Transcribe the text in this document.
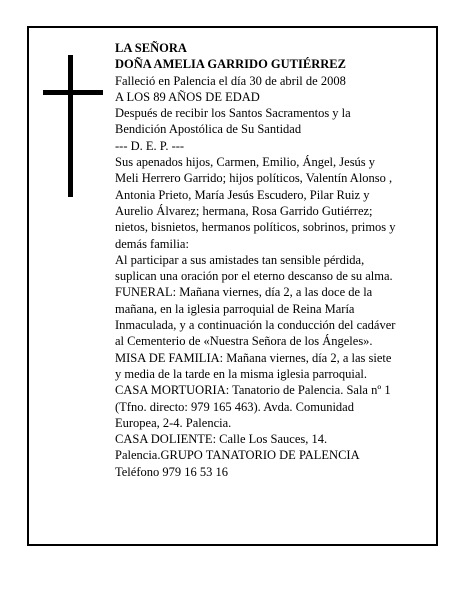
LA SEÑORA
DOÑA AMELIA GARRIDO GUTIÉRREZ
Falleció en Palencia el día 30 de abril de 2008
A LOS 89 AÑOS DE EDAD
Después de recibir los Santos Sacramentos y la
Bendición Apostólica de Su Santidad
--- D. E. P. ---
Sus apenados hijos, Carmen, Emilio, Ángel, Jesús y
Meli Herrero Garrido; hijos políticos, Valentín Alonso ,
Antonia Prieto, María Jesús Escudero, Pilar Ruiz y
Aurelio Álvarez; hermana, Rosa Garrido Gutiérrez;
nietos, bisnietos, hermanos políticos, sobrinos, primos y
demás familia:
Al participar a sus amistades tan sensible pérdida,
suplican una oración por el eterno descanso de su alma.
FUNERAL: Mañana viernes, día 2, a las doce de la
mañana, en la iglesia parroquial de Reina María
Inmaculada, y a continuación la conducción del cadáver
al Cementerio de «Nuestra Señora de los Ángeles».
MISA DE FAMILIA: Mañana viernes, día 2, a las siete
y media de la tarde en la misma iglesia parroquial.
CASA MORTUORIA: Tanatorio de Palencia. Sala nº 1
(Tfno. directo: 979 165 463). Avda. Comunidad
Europea, 2-4. Palencia.
CASA DOLIENTE: Calle Los Sauces, 14.
Palencia.GRUPO TANATORIO DE PALENCIA
Teléfono 979 16 53 16
